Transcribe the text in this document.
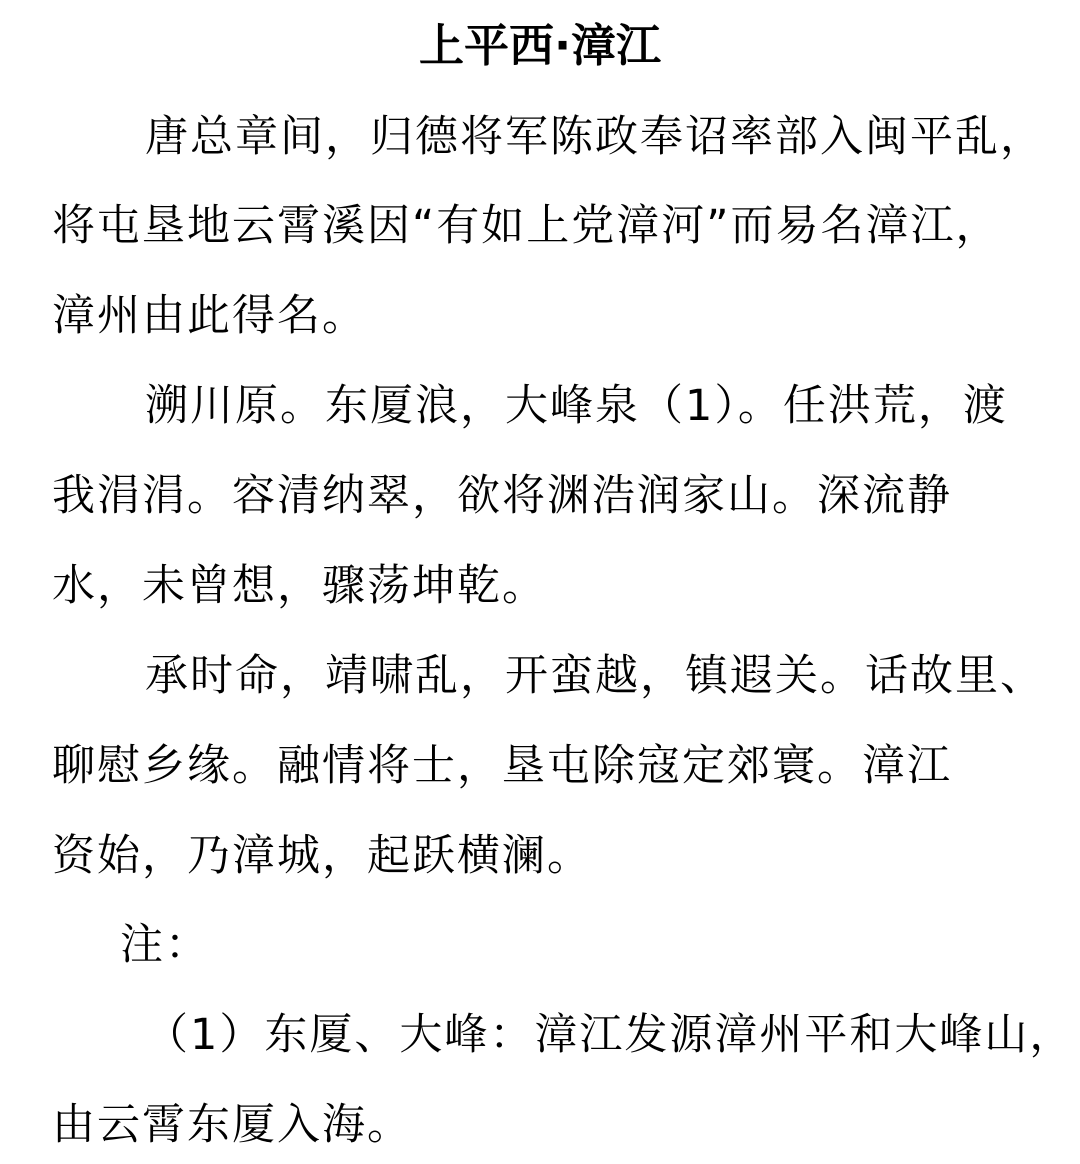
上平西·漳江
唐总章间，归德将军陈政奉诏率部入闽平乱，
将屯垦地云霄溪因“有如上党漳河”而易名漳江，
漳州由此得名。
溯川原。东厦浪，大峰泉（1）。任洪荒，渡
我涓涓。容清纳翠，欲将渊浩润家山。深流静
水，未曾想，骤荡坤乾。
承时命，靖啸乱，开蛮越，镇遐关。话故里、
聊慰乡缘。融情将士，垦屯除寇定郊寰。漳江
资始，乃漳城，起跃横澜。
注：
（1）东厦、大峰：漳江发源漳州平和大峰山，
由云霄东厦入海。
